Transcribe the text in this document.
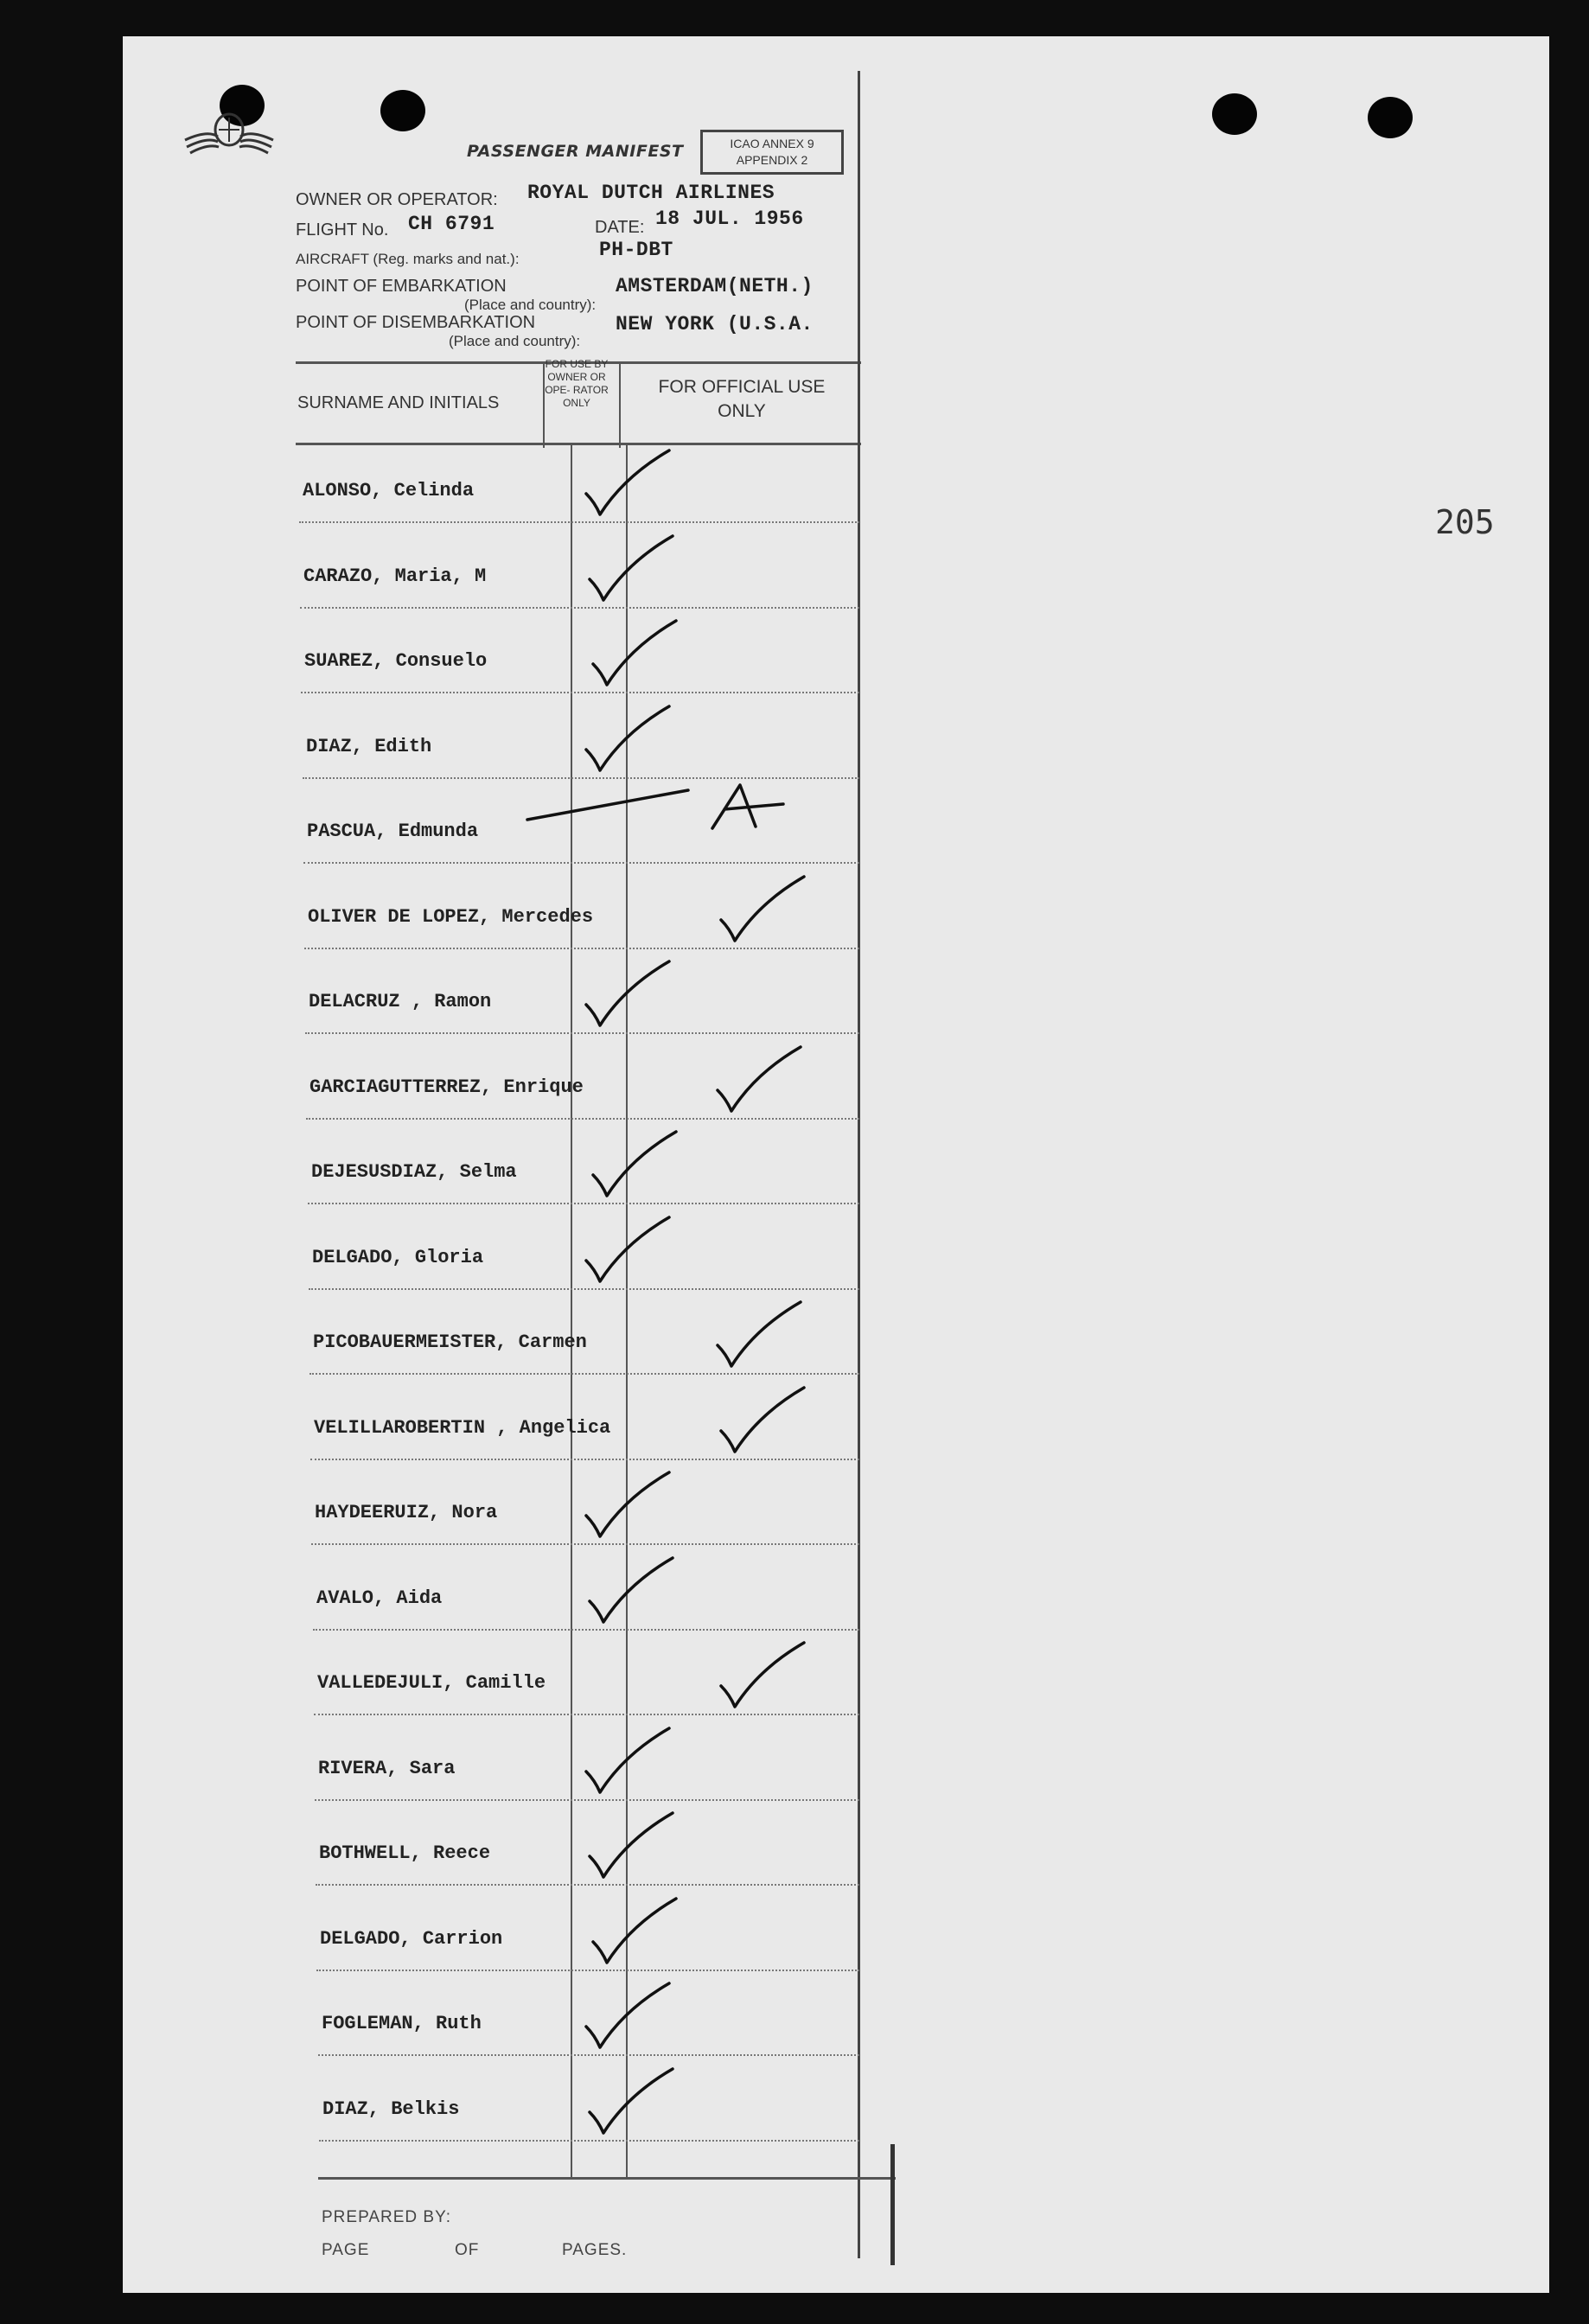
PASSENGER MANIFEST	ICAO ANNEX 9
APPENDIX 2
OWNER OR OPERATOR: ROYAL DUTCH AIRLINES
FLIGHT No. CH 6791	DATE: 18 JUL. 1956
AIRCRAFT (Reg. marks and nat.):	PH-DBT
POINT OF EMBARKATION
(Place and country):
AMSTERDAM(NETH.)
POINT OF DISEMBARKATION
(Place and country):
NEW YORK (U.S.A.
SURNAME AND INITIALS
FOR USE BY OWNER OR OPE- RATOR ONLY
FOR OFFICIAL USE
ONLY
ALONSO, Celinda
CARAZO, Maria, M
SUAREZ, Consuelo
DIAZ, Edith
PASCUA, Edmunda
OLIVER DE LOPEZ, Mercedes
DELACRUZ , Ramon
GARCIAGUTTERREZ, Enrique
DEJESUSDIAZ, Selma
DELGADO, Gloria
PICOBAUERMEISTER, Carmen
VELILLAROBERTIN , Angelica
HAYDEERUIZ, Nora
AVALO, Aida
VALLEDEJULI, Camille
RIVERA, Sara
BOTHWELL, Reece
DELGADO, Carrion
FOGLEMAN, Ruth
DIAZ, Belkis
205
PREPARED BY:
PAGE	OF	PAGES.
